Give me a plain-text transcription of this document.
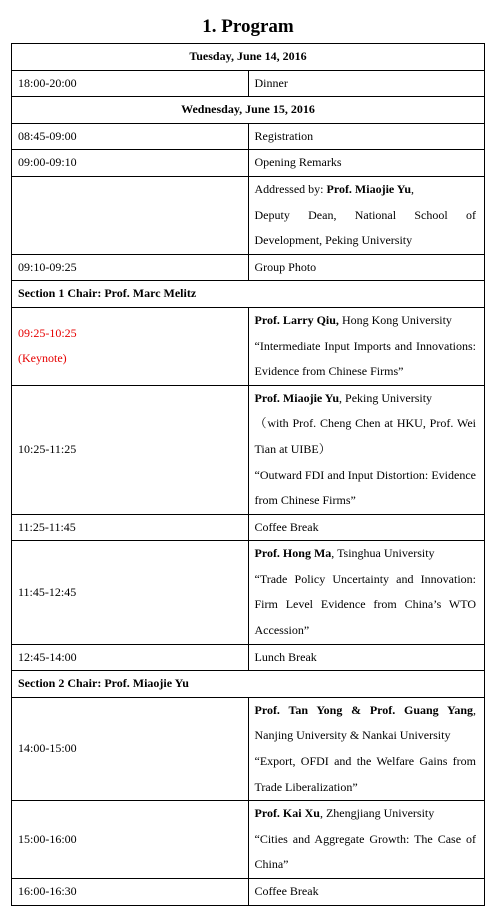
1. Program
Tuesday, June 14, 2016	
18:00-20:00	Dinner
Wednesday, June 15, 2016	
08:45-09:00	Registration
09:00-09:10	Opening Remarks

	Addressed by: Prof. Miaojie Yu,
Deputy Dean, National School of Development, Peking University

09:10-09:25	Group Photo
Section 1 Chair: Prof. Marc Melitz	

09:25-10:25
(Keynote)	Prof. Larry Qiu, Hong Kong University
“Intermediate Input Imports and Innovations: Evidence from Chinese Firms”

10:25-11:25	Prof. Miaojie Yu, Peking University
（with Prof. Cheng Chen at HKU, Prof. Wei Tian at UIBE）
“Outward FDI and Input Distortion: Evidence from Chinese Firms”

11:25-11:45	Coffee Break
11:45-12:45	Prof. Hong Ma, Tsinghua University
“Trade Policy Uncertainty and Innovation: Firm Level Evidence from China’s WTO Accession”

12:45-14:00	Lunch Break
Section 2 Chair: Prof. Miaojie Yu	
14:00-15:00	Prof. Tan Yong & Prof. Guang Yang, Nanjing University & Nankai University
“Export, OFDI and the Welfare Gains from Trade Liberalization”

15:00-16:00	Prof. Kai Xu, Zhengjiang University
“Cities and Aggregate Growth: The Case of China”

16:00-16:30	Coffee Break
